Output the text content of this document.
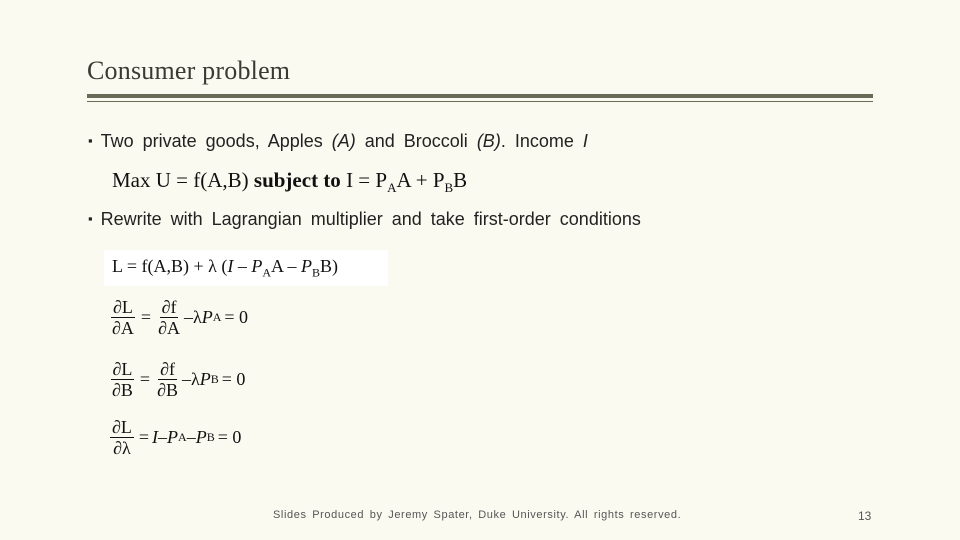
Consumer problem
▪ Two private goods, Apples (A) and Broccoli (B). Income I
Max U = f(A,B) subject to $I = P_AA + P_BB$
▪ Rewrite with Lagrangian multiplier and take first-order conditions
L = f(A,B) + λ $(I - P_AA - P_BB)$
$\frac{\partial L}{\partial A} = \frac{\partial f}{\partial A} -\lambda$ P A = 0
$\frac{\partial L}{\partial B} = \frac{\partial f}{\partial B} -\lambda$ P B = 0
$\frac{\partial L}{\partial\lambda} = I-P$ A –P B = 0
Slides Produced by Jeremy Spater, Duke University. All rights reserved.	13
